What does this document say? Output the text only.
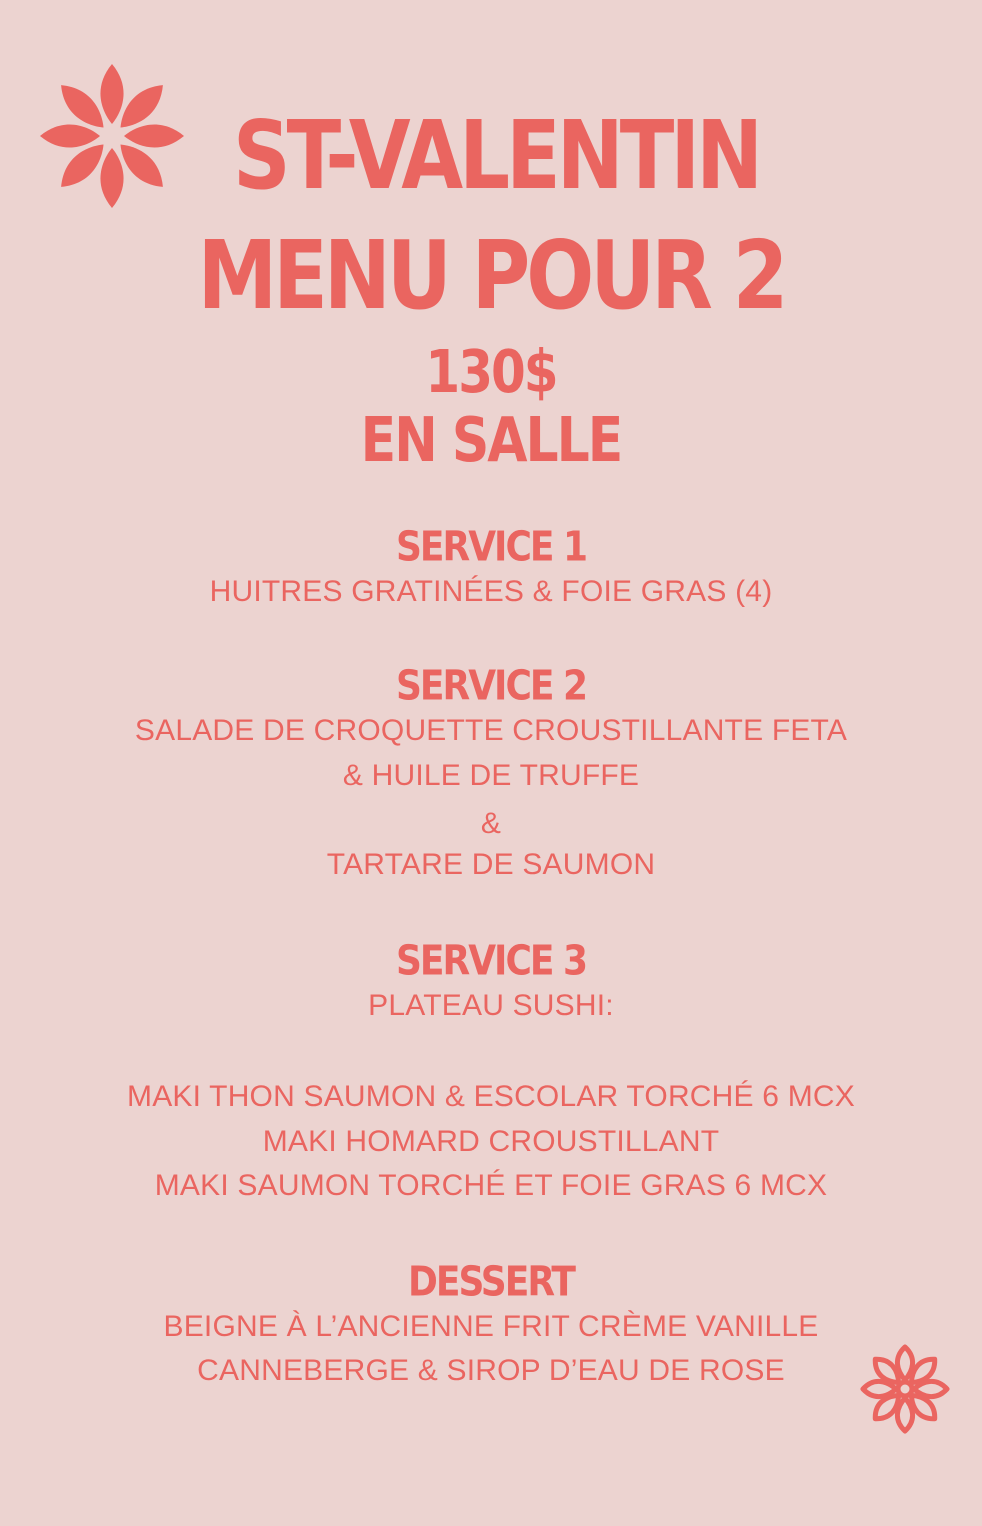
ST-VALENTIN
MENU POUR 2
130$
EN SALLE
SERVICE 1
HUITRES GRATINÉES & FOIE GRAS (4)
SERVICE 2
SALADE DE CROQUETTE CROUSTILLANTE FETA
& HUILE DE TRUFFE
&
TARTARE DE SAUMON
SERVICE 3
PLATEAU SUSHI:
MAKI THON SAUMON & ESCOLAR TORCHÉ 6 MCX
MAKI HOMARD CROUSTILLANT
MAKI SAUMON TORCHÉ ET FOIE GRAS 6 MCX
DESSERT
BEIGNE À L’ANCIENNE FRIT CRÈME VANILLE
CANNEBERGE & SIROP D’EAU DE ROSE
